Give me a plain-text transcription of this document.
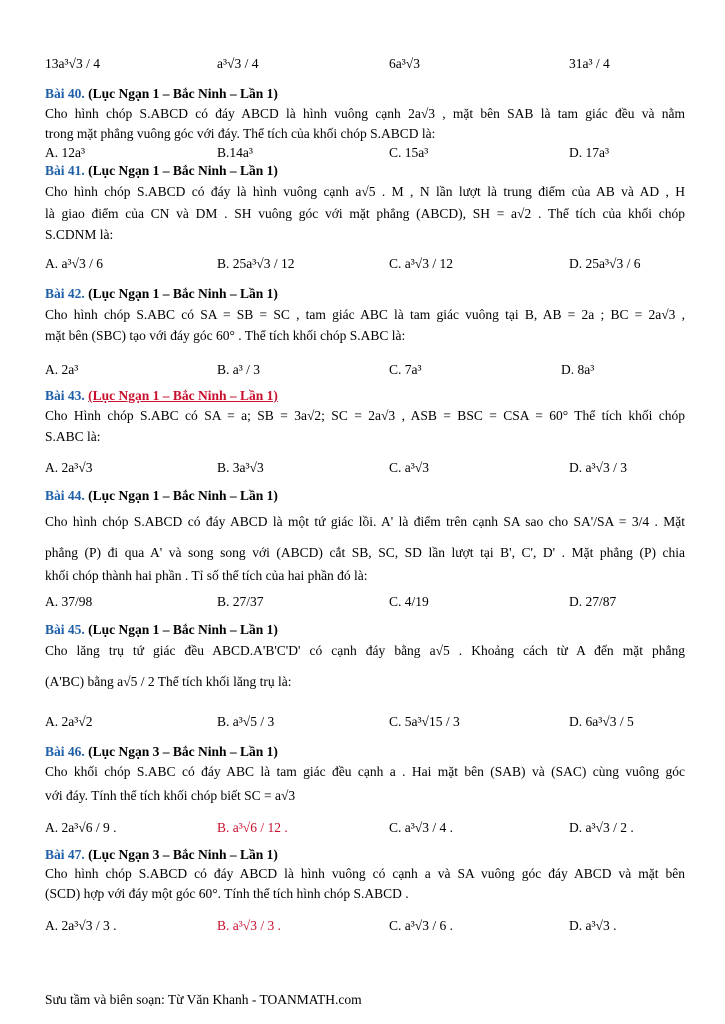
13a³√3 / 4	a³√3 / 4	6a³√3	31a³ / 4
Bài 40. (Lục Ngạn 1 – Bắc Ninh – Lần 1)
Cho hình chóp S.ABCD có đáy ABCD là hình vuông cạnh 2a√3 , mặt bên SAB là tam giác đều và nằm
trong mặt phẳng vuông góc với đáy. Thể tích của khối chóp S.ABCD là:
A. 12a³	B.14a³	C. 15a³	D. 17a³
Bài 41. (Lục Ngạn 1 – Bắc Ninh – Lần 1)
Cho hình chóp S.ABCD có đáy là hình vuông cạnh a√5 . M , N lần lượt là trung điểm của AB và AD , H
là giao điểm của CN và DM . SH vuông góc với mặt phẳng (ABCD), SH = a√2 . Thể tích của khối chóp
S.CDNM là:
A. a³√3 / 6	B. 25a³√3 / 12	C. a³√3 / 12	D. 25a³√3 / 6
Bài 42. (Lục Ngạn 1 – Bắc Ninh – Lần 1)
Cho hình chóp S.ABC có SA = SB = SC , tam giác ABC là tam giác vuông tại B, AB = 2a ; BC = 2a√3 ,
mặt bên (SBC) tạo với đáy góc 60° . Thể tích khối chóp S.ABC là:
A. 2a³	B. a³ / 3	C. 7a³	D. 8a³
Bài 43. (Lục Ngạn 1 – Bắc Ninh – Lần 1)
Cho Hình chóp S.ABC có SA = a; SB = 3a√2; SC = 2a√3 , ASB = BSC = CSA = 60° Thể tích khối chóp
S.ABC là:
A. 2a³√3	B. 3a³√3	C. a³√3	D. a³√3 / 3
Bài 44. (Lục Ngạn 1 – Bắc Ninh – Lần 1)
Cho hình chóp S.ABCD có đáy ABCD là một tứ giác lồi. A' là điểm trên cạnh SA sao cho SA'/SA = 3/4 . Mặt
phẳng (P) đi qua A' và song song với (ABCD) cắt SB, SC, SD lần lượt tại B', C', D' . Mặt phẳng (P) chia
khối chóp thành hai phần . Tỉ số thể tích của hai phần đó là:
A. 37/98	B. 27/37	C. 4/19	D. 27/87
Bài 45. (Lục Ngạn 1 – Bắc Ninh – Lần 1)
Cho lăng trụ tứ giác đều ABCD.A'B'C'D' có cạnh đáy bằng a√5 . Khoảng cách từ A đến mặt phẳng
(A'BC) bằng a√5 / 2 Thể tích khối lăng trụ là:
A. 2a³√2	B. a³√5 / 3	C. 5a³√15 / 3	D. 6a³√3 / 5
Bài 46. (Lục Ngạn 3 – Bắc Ninh – Lần 1)
Cho khối chóp S.ABC có đáy ABC là tam giác đều cạnh a . Hai mặt bên (SAB) và (SAC) cùng vuông góc
với đáy. Tính thể tích khối chóp biết SC = a√3
A. 2a³√6 / 9 .	B. a³√6 / 12 .	C. a³√3 / 4 .	D. a³√3 / 2 .
Bài 47. (Lục Ngạn 3 – Bắc Ninh – Lần 1)
Cho hình chóp S.ABCD có đáy ABCD là hình vuông có cạnh a và SA vuông góc đáy ABCD và mặt bên
(SCD) hợp với đáy một góc 60°. Tính thể tích hình chóp S.ABCD .
A. 2a³√3 / 3 .	B. a³√3 / 3 .	C. a³√3 / 6 .	D. a³√3 .
Sưu tầm và biên soạn: Từ Văn Khanh - TOANMATH.com
